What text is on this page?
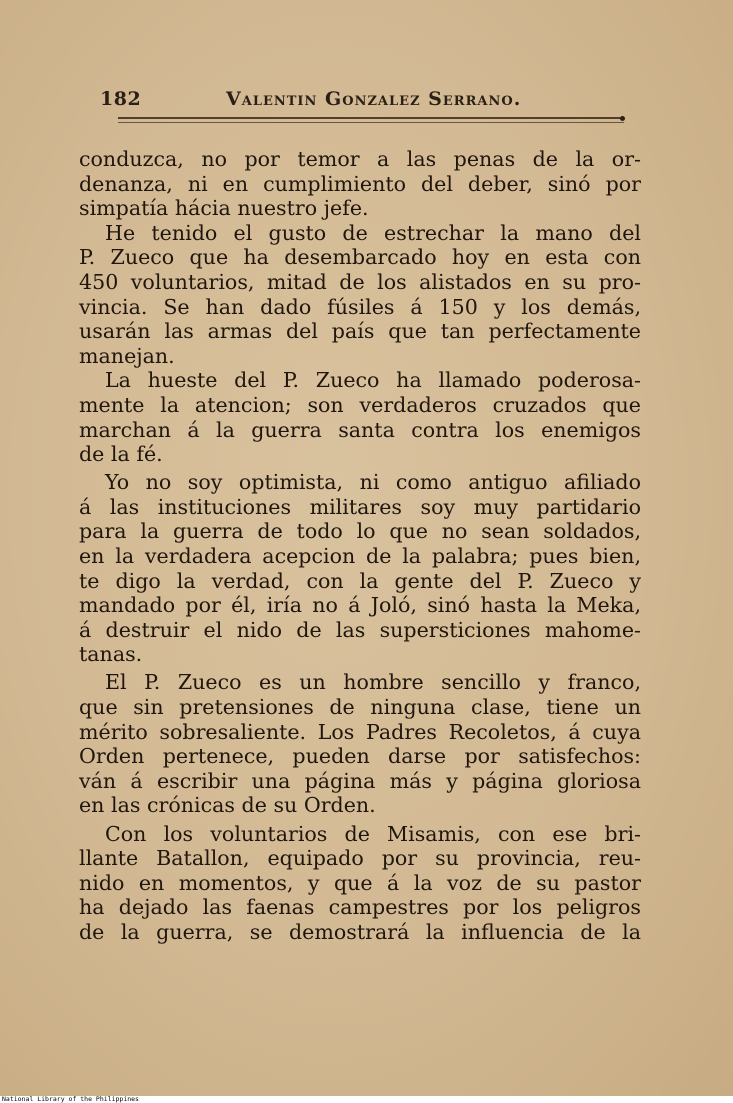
182	Valentin Gonzalez Serrano.
conduzca, no por temor a las penas de la or-
denanza, ni en cumplimiento del deber, sinó por
simpatía hácia nuestro jefe.
He tenido el gusto de estrechar la mano del
P. Zueco que ha desembarcado hoy en esta con
450 voluntarios, mitad de los alistados en su pro-
vincia. Se han dado fúsiles á 150 y los demás,
usarán las armas del país que tan perfectamente
manejan.
La hueste del P. Zueco ha llamado poderosa-
mente la atencion; son verdaderos cruzados que
marchan á la guerra santa contra los enemigos
de la fé.
Yo no soy optimista, ni como antiguo afiliado
á las instituciones militares soy muy partidario
para la guerra de todo lo que no sean soldados,
en la verdadera acepcion de la palabra; pues bien,
te digo la verdad, con la gente del P. Zueco y
mandado por él, iría no á Joló, sinó hasta la Meka,
á destruir el nido de las supersticiones mahome-
tanas.
El P. Zueco es un hombre sencillo y franco,
que sin pretensiones de ninguna clase, tiene un
mérito sobresaliente. Los Padres Recoletos, á cuya
Orden pertenece, pueden darse por satisfechos:
ván á escribir una página más y página gloriosa
en las crónicas de su Orden.
Con los voluntarios de Misamis, con ese bri-
llante Batallon, equipado por su provincia, reu-
nido en momentos, y que á la voz de su pastor
ha dejado las faenas campestres por los peligros
de la guerra, se demostrará la influencia de la
National Library of the Philippines
